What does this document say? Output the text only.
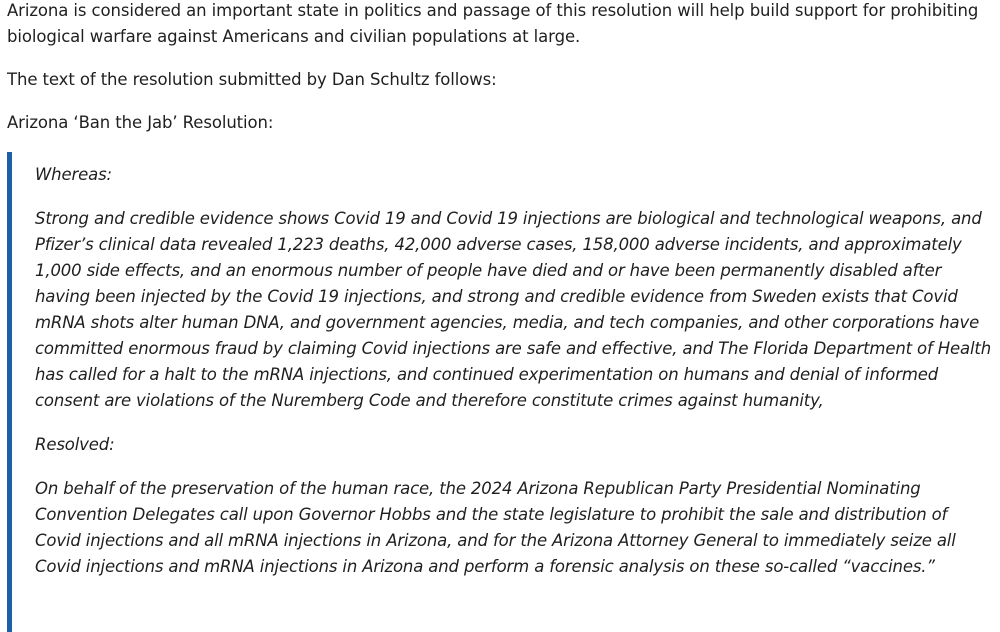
Arizona is considered an important state in politics and passage of this resolution will help build support for prohibiting biological warfare against Americans and civilian populations at large.

The text of the resolution submitted by Dan Schultz follows:

Arizona ‘Ban the Jab’ Resolution:

Whereas:

Strong and credible evidence shows Covid 19 and Covid 19 injections are biological and technological weapons, and Pfizer’s clinical data revealed 1,223 deaths, 42,000 adverse cases, 158,000 adverse incidents, and approximately 1,000 side effects, and an enormous number of people have died and or have been permanently disabled after having been injected by the Covid 19 injections, and strong and credible evidence from Sweden exists that Covid mRNA shots alter human DNA, and government agencies, media, and tech companies, and other corporations have committed enormous fraud by claiming Covid injections are safe and effective, and The Florida Department of Health has called for a halt to the mRNA injections, and continued experimentation on humans and denial of informed consent are violations of the Nuremberg Code and therefore constitute crimes against humanity,

Resolved:

On behalf of the preservation of the human race, the 2024 Arizona Republican Party Presidential Nominating Convention Delegates call upon Governor Hobbs and the state legislature to prohibit the sale and distribution of Covid injections and all mRNA injections in Arizona, and for the Arizona Attorney General to immediately seize all Covid injections and mRNA injections in Arizona and perform a forensic analysis on these so-called “vaccines.”
